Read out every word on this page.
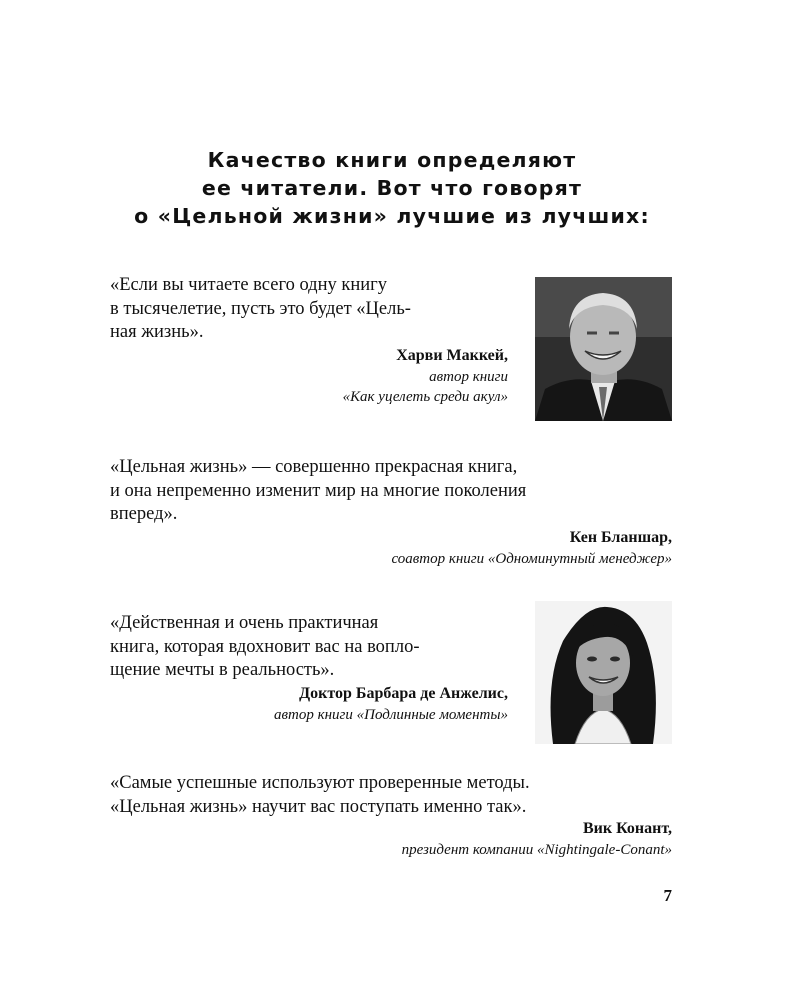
Качество книги определяют
ее читатели. Вот что говорят
о «Цельной жизни» лучшие из лучших:
«Если вы читаете всего одну книгу
в тысячелетие, пусть это будет «Цель-
ная жизнь».
Харви Маккей,
автор книги
«Как уцелеть среди акул»
«Цельная жизнь» — совершенно прекрасная книга,
и она непременно изменит мир на многие поколения
вперед».
Кен Бланшар,
соавтор книги «Одноминутный менеджер»
«Действенная и очень практичная
книга, которая вдохновит вас на вопло-
щение мечты в реальность».
Доктор Барбара де Анжелис,
автор книги «Подлинные моменты»
«Самые успешные используют проверенные методы.
«Цельная жизнь» научит вас поступать именно так».
Вик Конант,
президент компании «Nightingale-Conant»
7
